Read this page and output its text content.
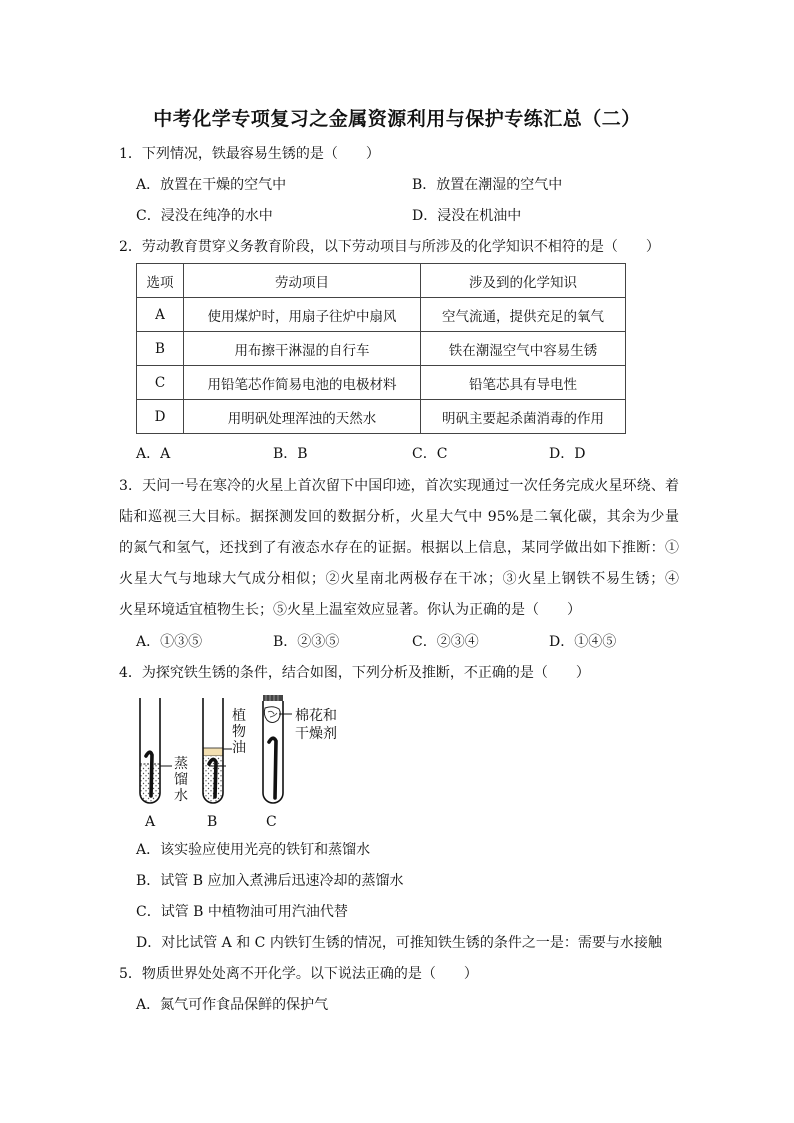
中考化学专项复习之金属资源利用与保护专练汇总（二）
1．下列情况，铁最容易生锈的是（　　）
A．放置在干燥的空气中	B．放置在潮湿的空气中
C．浸没在纯净的水中	D．浸没在机油中
2．劳动教育贯穿义务教育阶段，以下劳动项目与所涉及的化学知识不相符的是（　　）
选项	劳动项目	涉及到的化学知识
A	使用煤炉时，用扇子往炉中扇风	空气流通，提供充足的氧气
B	用布擦干淋湿的自行车	铁在潮湿空气中容易生锈
C	用铅笔芯作简易电池的电极材料	铅笔芯具有导电性
D	用明矾处理浑浊的天然水	明矾主要起杀菌消毒的作用
A．A	B．B	C．C	D．D
3．天问一号在寒冷的火星上首次留下中国印迹，首次实现通过一次任务完成火星环绕、着
陆和巡视三大目标。据探测发回的数据分析，火星大气中 95%是二氧化碳，其余为少量
的氮气和氢气，还找到了有液态水存在的证据。根据以上信息，某同学做出如下推断：①
火星大气与地球大气成分相似；②火星南北两极存在干冰；③火星上钢铁不易生锈；④
火星环境适宜植物生长；⑤火星上温室效应显著。你认为正确的是（　　）
A．①③⑤	B．②③⑤	C．②③④	D．①④⑤
4．为探究铁生锈的条件，结合如图，下列分析及推断，不正确的是（　　）
蒸
馏
水
植
物
油
棉花和
干燥剂
A	B	C
A．该实验应使用光亮的铁钉和蒸馏水
B．试管 B 应加入煮沸后迅速冷却的蒸馏水
C．试管 B 中植物油可用汽油代替
D．对比试管 A 和 C 内铁钉生锈的情况，可推知铁生锈的条件之一是：需要与水接触
5．物质世界处处离不开化学。以下说法正确的是（　　）
A．氮气可作食品保鲜的保护气
